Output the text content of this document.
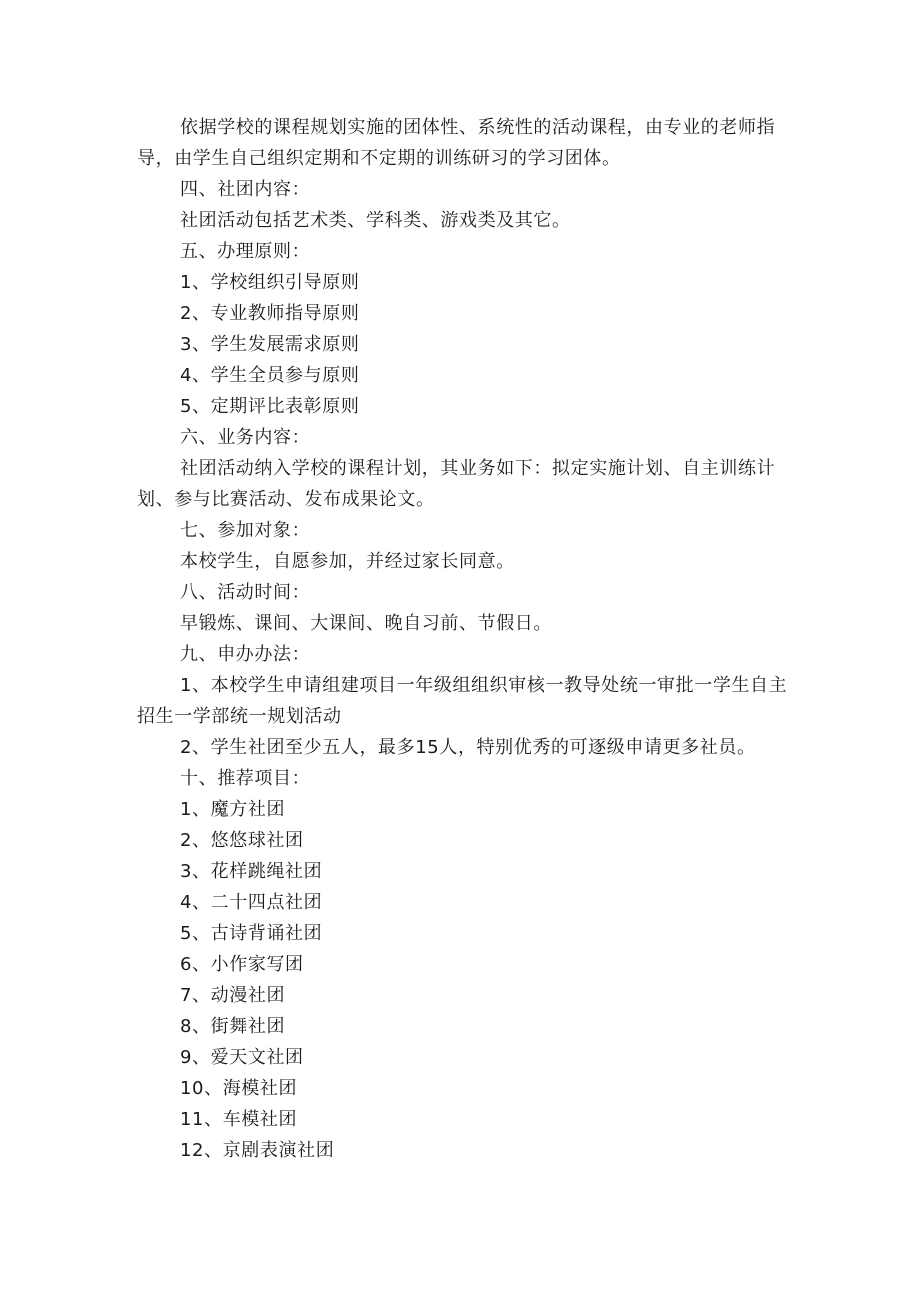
依据学校的课程规划实施的团体性、系统性的活动课程，由专业的老师指导，由学生自己组织定期和不定期的训练研习的学习团体。

四、社团内容：

社团活动包括艺术类、学科类、游戏类及其它。

五、办理原则：

1、学校组织引导原则

2、专业教师指导原则

3、学生发展需求原则

4、学生全员参与原则

5、定期评比表彰原则

六、业务内容：

社团活动纳入学校的课程计划，其业务如下：拟定实施计划、自主训练计划、参与比赛活动、发布成果论文。

七、参加对象：

本校学生，自愿参加，并经过家长同意。

八、活动时间：

早锻炼、课间、大课间、晚自习前、节假日。

九、申办办法：

1、本校学生申请组建项目一年级组组织审核一教导处统一审批一学生自主招生一学部统一规划活动

2、学生社团至少五人，最多15人，特别优秀的可逐级申请更多社员。

十、推荐项目：

1、魔方社团

2、悠悠球社团

3、花样跳绳社团

4、二十四点社团

5、古诗背诵社团

6、小作家写团

7、动漫社团

8、街舞社团

9、爱天文社团

10、海模社团

11、车模社团

12、京剧表演社团
